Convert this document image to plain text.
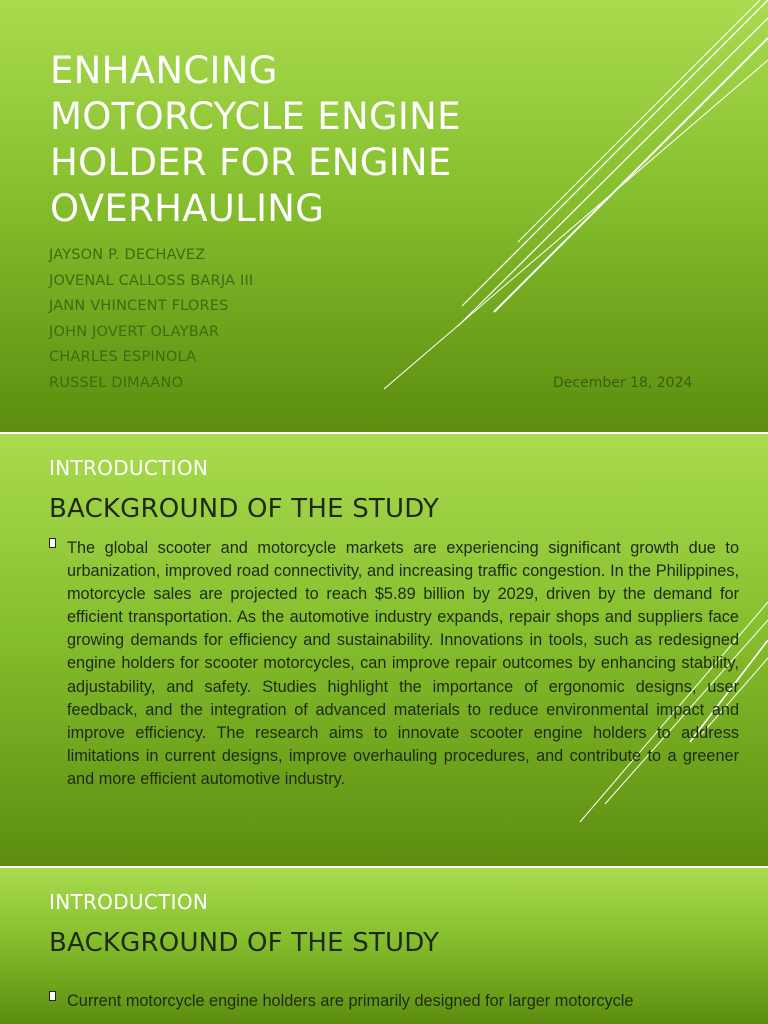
ENHANCING MOTORCYCLE ENGINE HOLDER FOR ENGINE OVERHAULING
JAYSON P. DECHAVEZ
JOVENAL CALLOSS BARJA III
JANN VHINCENT FLORES
JOHN JOVERT OLAYBAR
CHARLES ESPINOLA
RUSSEL DIMAANO	December 18, 2024
INTRODUCTION
BACKGROUND OF THE STUDY

The global scooter and motorcycle markets are experiencing significant growth due to urbanization, improved road connectivity, and increasing traffic congestion. In the Philippines, motorcycle sales are projected to reach $5.89 billion by 2029, driven by the demand for efficient transportation. As the automotive industry expands, repair shops and suppliers face growing demands for efficiency and sustainability. Innovations in tools, such as redesigned engine holders for scooter motorcycles, can improve repair outcomes by enhancing stability, adjustability, and safety. Studies highlight the importance of ergonomic designs, user feedback, and the integration of advanced materials to reduce environmental impact and improve efficiency. The research aims to innovate scooter engine holders to address limitations in current designs, improve overhauling procedures, and contribute to a greener and more efficient automotive industry.

INTRODUCTION
BACKGROUND OF THE STUDY

Current motorcycle engine holders are primarily designed for larger motorcycle
